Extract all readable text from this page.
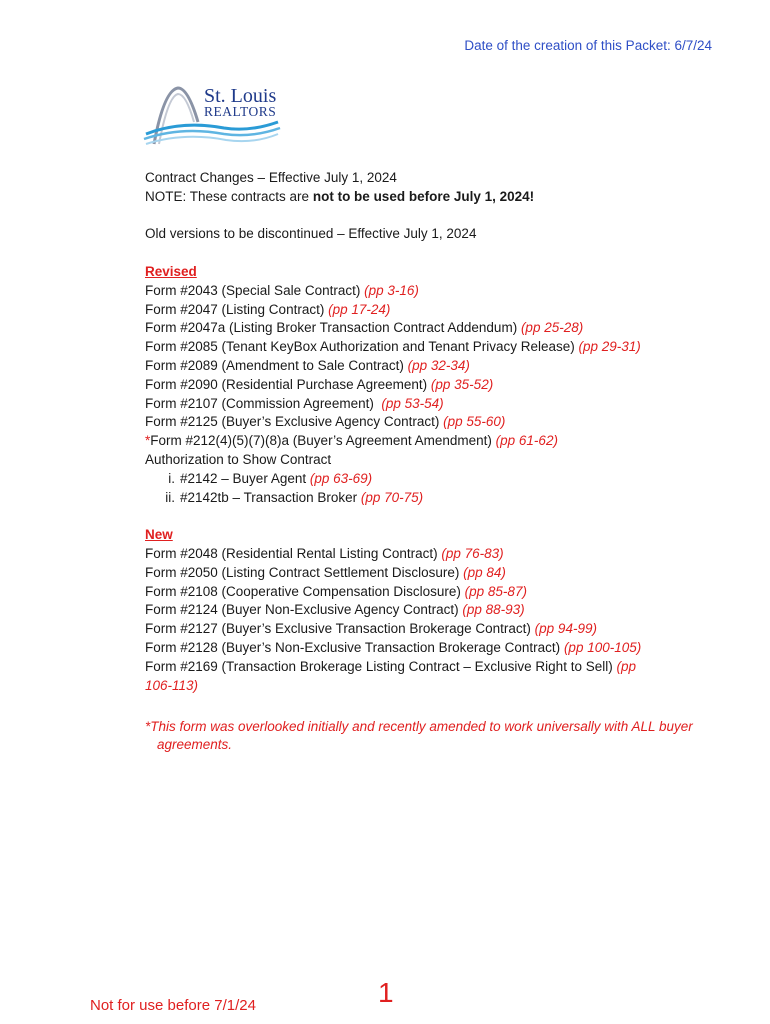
Date of the creation of this Packet: 6/7/24
St. Louis
REALTORS
Contract Changes – Effective July 1, 2024
NOTE: These contracts are not to be used before July 1, 2024!
Old versions to be discontinued – Effective July 1, 2024
Revised
Form #2043 (Special Sale Contract) (pp 3-16)
Form #2047 (Listing Contract) (pp 17-24)
Form #2047a (Listing Broker Transaction Contract Addendum) (pp 25-28)
Form #2085 (Tenant KeyBox Authorization and Tenant Privacy Release) (pp 29-31)
Form #2089 (Amendment to Sale Contract) (pp 32-34)
Form #2090 (Residential Purchase Agreement) (pp 35-52)
Form #2107 (Commission Agreement)  (pp 53-54)
Form #2125 (Buyer’s Exclusive Agency Contract) (pp 55-60)
*Form #212(4)(5)(7)(8)a (Buyer’s Agreement Amendment) (pp 61-62)
Authorization to Show Contract
i. #2142 – Buyer Agent (pp 63-69)
ii. #2142tb – Transaction Broker (pp 70-75)
New
Form #2048 (Residential Rental Listing Contract) (pp 76-83)
Form #2050 (Listing Contract Settlement Disclosure) (pp 84)
Form #2108 (Cooperative Compensation Disclosure) (pp 85-87)
Form #2124 (Buyer Non-Exclusive Agency Contract) (pp 88-93)
Form #2127 (Buyer’s Exclusive Transaction Brokerage Contract) (pp 94-99)
Form #2128 (Buyer’s Non-Exclusive Transaction Brokerage Contract) (pp 100-105)
Form #2169 (Transaction Brokerage Listing Contract – Exclusive Right to Sell) (pp
106-113)
*This form was overlooked initially and recently amended to work universally with ALL buyer
agreements.
Not for use before 7/1/24	1
